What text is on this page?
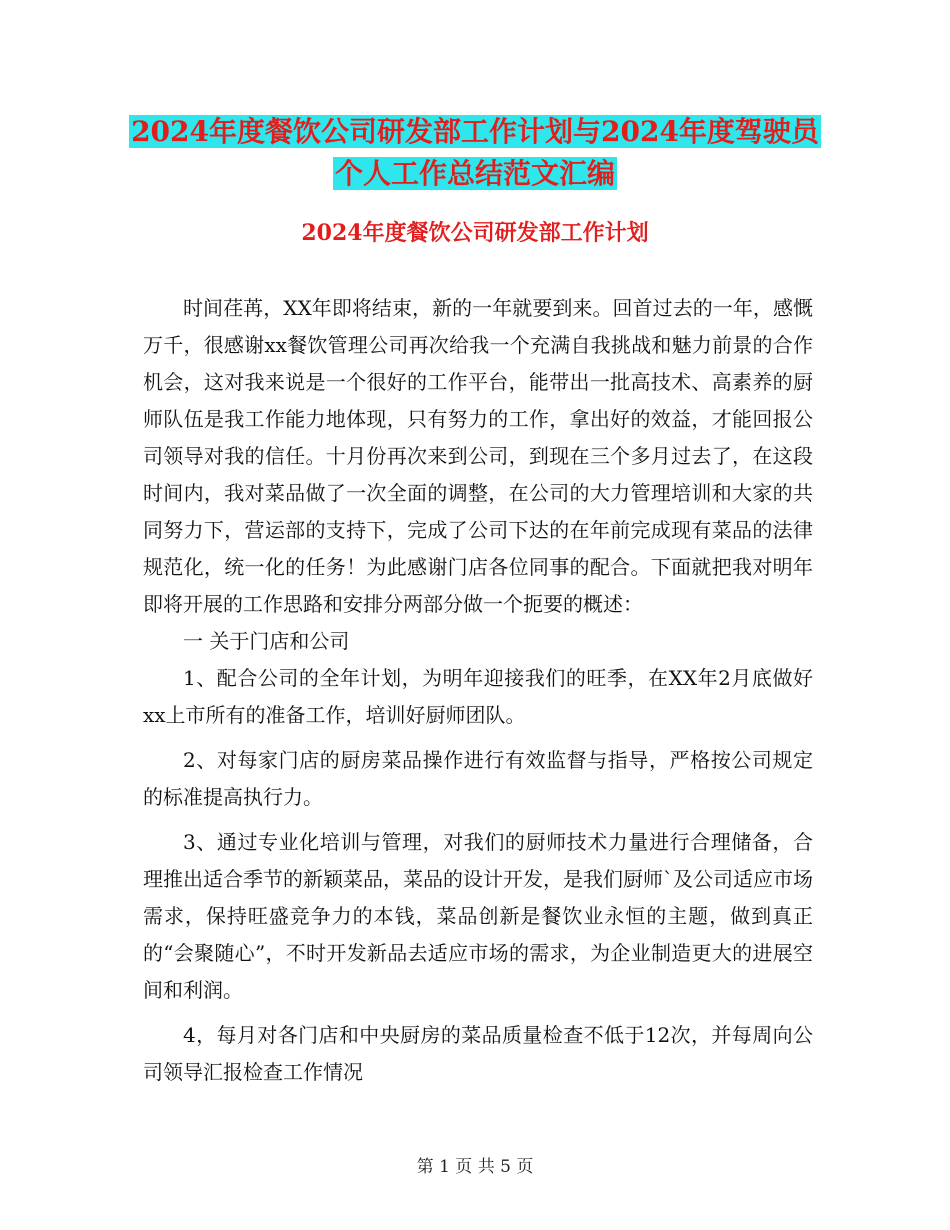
2024年度餐饮公司研发部工作计划与2024年度驾驶员
个人工作总结范文汇编
2024年度餐饮公司研发部工作计划

时间荏苒，XX年即将结束，新的一年就要到来。回首过去的一年，感慨万千，很感谢xx餐饮管理公司再次给我一个充满自我挑战和魅力前景的合作机会，这对我来说是一个很好的工作平台，能带出一批高技术、高素养的厨师队伍是我工作能力地体现，只有努力的工作，拿出好的效益，才能回报公司领导对我的信任。十月份再次来到公司，到现在三个多月过去了，在这段时间内，我对菜品做了一次全面的调整，在公司的大力管理培训和大家的共同努力下，营运部的支持下，完成了公司下达的在年前完成现有菜品的法律规范化，统一化的任务！为此感谢门店各位同事的配合。下面就把我对明年即将开展的工作思路和安排分两部分做一个扼要的概述：

一 关于门店和公司

1、配合公司的全年计划，为明年迎接我们的旺季，在XX年2月底做好xx上市所有的准备工作，培训好厨师团队。

2、对每家门店的厨房菜品操作进行有效监督与指导，严格按公司规定的标准提高执行力。

3、通过专业化培训与管理，对我们的厨师技术力量进行合理储备，合理推出适合季节的新颖菜品，菜品的设计开发，是我们厨师`及公司适应市场需求，保持旺盛竞争力的本钱，菜品创新是餐饮业永恒的主题，做到真正的“会聚随心”，不时开发新品去适应市场的需求，为企业制造更大的进展空间和利润。

4，每月对各门店和中央厨房的菜品质量检查不低于12次，并每周向公司领导汇报检查工作情况

第 1 页 共 5 页
